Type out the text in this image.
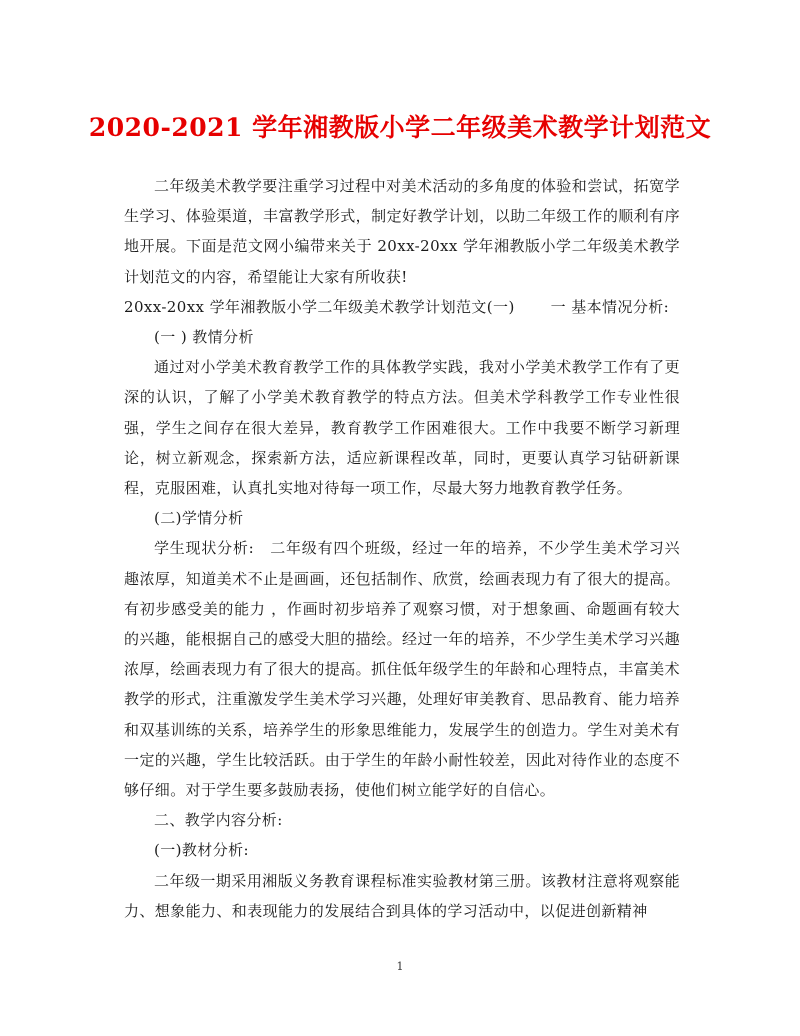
2020-2021 学年湘教版小学二年级美术教学计划范文

二年级美术教学要注重学习过程中对美术活动的多角度的体验和尝试，拓宽学生学习、体验渠道，丰富教学形式，制定好教学计划，以助二年级工作的顺利有序地开展。下面是范文网小编带来关于 20xx-20xx 学年湘教版小学二年级美术教学计划范文的内容，希望能让大家有所收获!

20xx-20xx 学年湘教版小学二年级美术教学计划范文(一)　　 一 基本情况分析:

(一 ) 教情分析

通过对小学美术教育教学工作的具体教学实践，我对小学美术教学工作有了更深的认识，了解了小学美术教育教学的特点方法。但美术学科教学工作专业性很强，学生之间存在很大差异，教育教学工作困难很大。工作中我要不断学习新理论，树立新观念，探索新方法，适应新课程改革，同时，更要认真学习钻研新课程，克服困难，认真扎实地对待每一项工作，尽最大努力地教育教学任务。

(二)学情分析

学生现状分析:　二年级有四个班级，经过一年的培养，不少学生美术学习兴趣浓厚，知道美术不止是画画，还包括制作、欣赏，绘画表现力有了很大的提高。有初步感受美的能力 ，作画时初步培养了观察习惯，对于想象画、命题画有较大的兴趣，能根据自己的感受大胆的描绘。经过一年的培养，不少学生美术学习兴趣浓厚，绘画表现力有了很大的提高。抓住低年级学生的年龄和心理特点，丰富美术教学的形式，注重激发学生美术学习兴趣，处理好审美教育、思品教育、能力培养和双基训练的关系，培养学生的形象思维能力，发展学生的创造力。学生对美术有一定的兴趣，学生比较活跃。由于学生的年龄小耐性较差，因此对待作业的态度不够仔细。对于学生要多鼓励表扬，使他们树立能学好的自信心。

二、教学内容分析:

(一)教材分析:

二年级一期采用湘版义务教育课程标准实验教材第三册。该教材注意将观察能力、想象能力、和表现能力的发展结合到具体的学习活动中，以促进创新精神

1
